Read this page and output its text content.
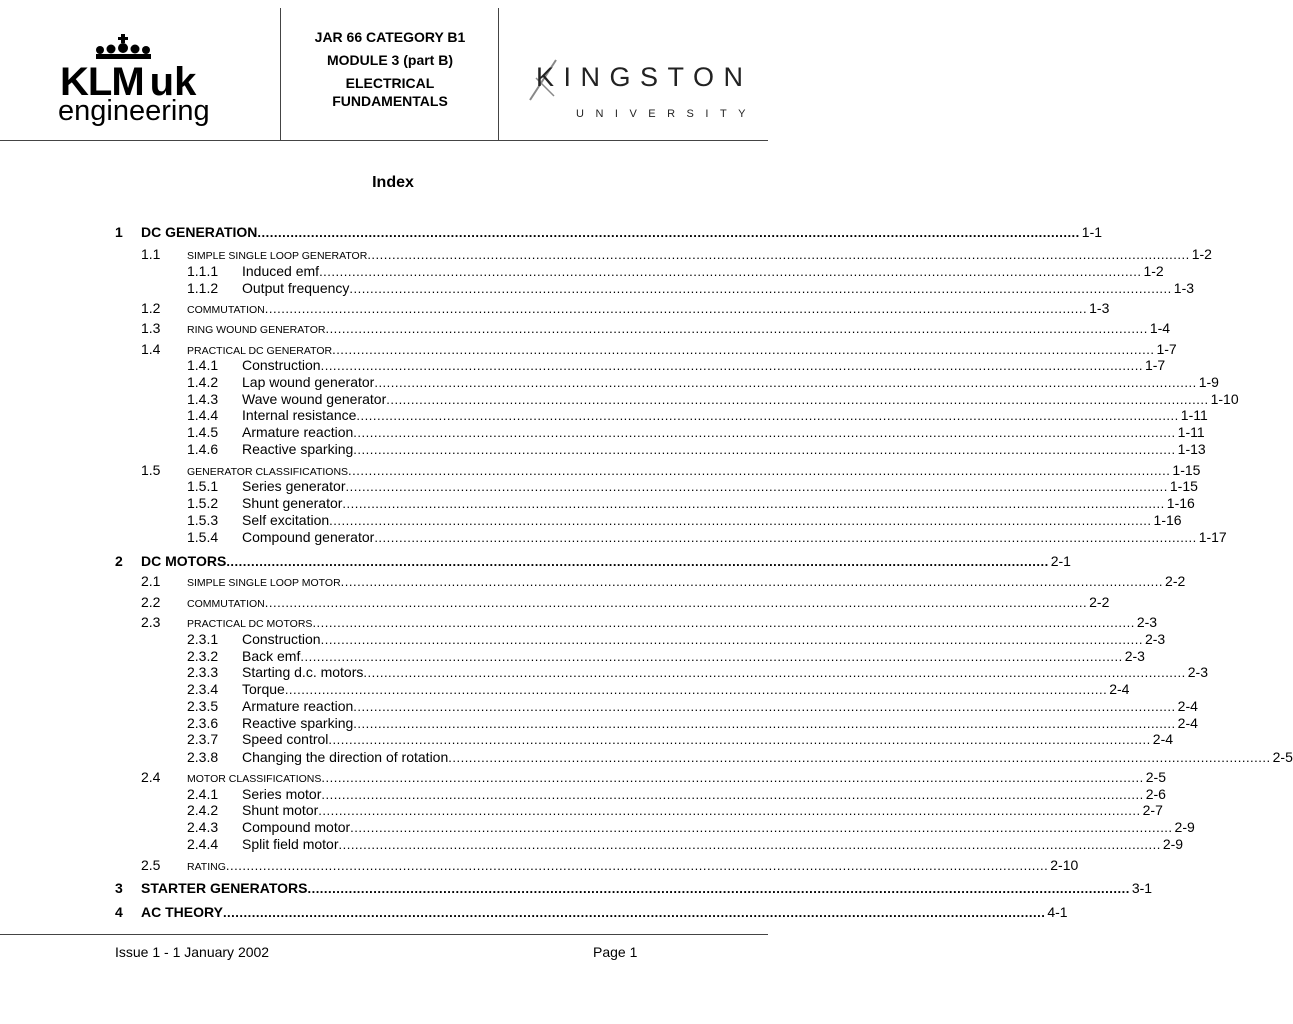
KLM uk
engineering
JAR 66 CATEGORY B1
MODULE 3 (part B)
ELECTRICAL
FUNDAMENTALS
KINGSTON
UNIVERSITY
Index
1 DC GENERATION ........................................................................................................................................................................................................ 1-1
1.1	SIMPLE SINGLE LOOP GENERATOR ........................................................................................................................................................................................................ 1-2
1.1.1 Induced emf ........................................................................................................................................................................................................ 1-2
1.1.2 Output frequency ........................................................................................................................................................................................................ 1-3
1.2	COMMUTATION ........................................................................................................................................................................................................ 1-3
1.3	RING WOUND GENERATOR ........................................................................................................................................................................................................ 1-4
1.4	PRACTICAL DC GENERATOR ........................................................................................................................................................................................................ 1-7
1.4.1 Construction ........................................................................................................................................................................................................ 1-7
1.4.2 Lap wound generator ........................................................................................................................................................................................................ 1-9
1.4.3 Wave wound generator ........................................................................................................................................................................................................ 1-10
1.4.4 Internal resistance ........................................................................................................................................................................................................ 1-11
1.4.5 Armature reaction ........................................................................................................................................................................................................ 1-11
1.4.6 Reactive sparking ........................................................................................................................................................................................................ 1-13
1.5	GENERATOR CLASSIFICATIONS ........................................................................................................................................................................................................ 1-15
1.5.1 Series generator ........................................................................................................................................................................................................ 1-15
1.5.2 Shunt generator ........................................................................................................................................................................................................ 1-16
1.5.3 Self excitation ........................................................................................................................................................................................................ 1-16
1.5.4 Compound generator ........................................................................................................................................................................................................ 1-17
2 DC MOTORS ........................................................................................................................................................................................................ 2-1
2.1	SIMPLE SINGLE LOOP MOTOR ........................................................................................................................................................................................................ 2-2
2.2	COMMUTATION ........................................................................................................................................................................................................ 2-2
2.3	PRACTICAL DC MOTORS ........................................................................................................................................................................................................ 2-3
2.3.1 Construction ........................................................................................................................................................................................................ 2-3
2.3.2 Back emf ........................................................................................................................................................................................................ 2-3
2.3.3 Starting d.c. motors ........................................................................................................................................................................................................ 2-3
2.3.4 Torque ........................................................................................................................................................................................................ 2-4
2.3.5 Armature reaction ........................................................................................................................................................................................................ 2-4
2.3.6 Reactive sparking ........................................................................................................................................................................................................ 2-4
2.3.7 Speed control ........................................................................................................................................................................................................ 2-4
2.3.8 Changing the direction of rotation ........................................................................................................................................................................................................ 2-5
2.4	MOTOR CLASSIFICATIONS ........................................................................................................................................................................................................ 2-5
2.4.1 Series motor ........................................................................................................................................................................................................ 2-6
2.4.2 Shunt motor ........................................................................................................................................................................................................ 2-7
2.4.3 Compound motor ........................................................................................................................................................................................................ 2-9
2.4.4 Split field motor ........................................................................................................................................................................................................ 2-9
2.5	RATING ........................................................................................................................................................................................................ 2-10
3 STARTER GENERATORS ........................................................................................................................................................................................................ 3-1
4 AC THEORY ........................................................................................................................................................................................................ 4-1
Issue 1 - 1 January 2002	Page 1
